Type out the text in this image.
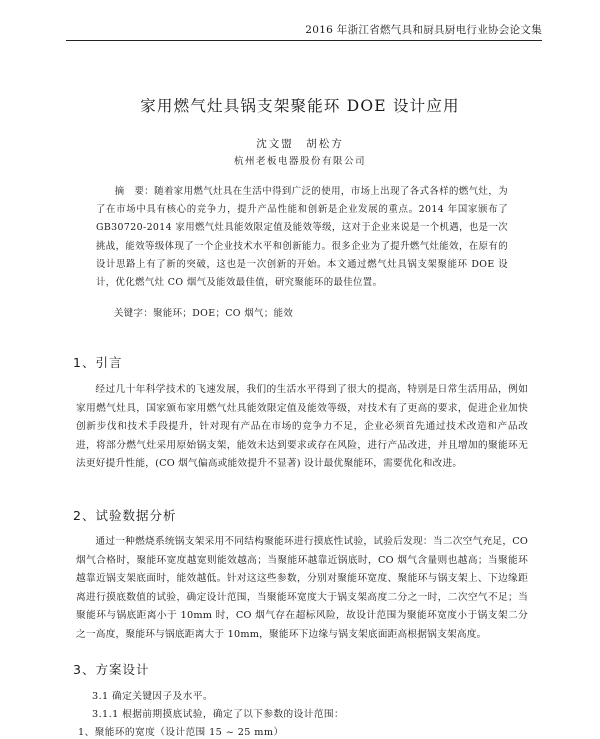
2016 年浙江省燃气具和厨具厨电行业协会论文集
家用燃气灶具锅支架聚能环 DOE 设计应用
沈文盟　胡松方
杭州老板电器股份有限公司
摘　要：随着家用燃气灶具在生活中得到广泛的使用，市场上出现了各式各样的燃气灶，为了在市场中具有核心的竞争力，提升产品性能和创新是企业发展的重点。2014 年国家颁布了 GB30720-2014 家用燃气灶具能效限定值及能效等级，这对于企业来说是一个机遇，也是一次挑战，能效等级体现了一个企业技术水平和创新能力。很多企业为了提升燃气灶能效，在原有的设计思路上有了新的突破，这也是一次创新的开始。本文通过燃气灶具锅支架聚能环 DOE 设计，优化燃气灶 CO 烟气及能效最佳值，研究聚能环的最佳位置。
关键字：聚能环；DOE；CO 烟气；能效
1、引言
经过几十年科学技术的飞速发展，我们的生活水平得到了很大的提高，特别是日常生活用品，例如家用燃气灶具，国家颁布家用燃气灶具能效限定值及能效等级，对技术有了更高的要求，促进企业加快创新步伐和技术手段提升，针对现有产品在市场的竞争力不足，企业必须首先通过技术改造和产品改进，将部分燃气灶采用原始锅支架，能效未达到要求或存在风险，进行产品改进，并且增加的聚能环无法更好提升性能，(CO 烟气偏高或能效提升不显著) 设计最优聚能环，需要优化和改进。
2、试验数据分析
通过一种燃烧系统锅支架采用不同结构聚能环进行摸底性试验，试验后发现：当二次空气充足，CO 烟气合格时，聚能环宽度越宽则能效越高；当聚能环越靠近锅底时，CO 烟气含量则也越高；当聚能环越靠近锅支架底面时，能效越低。针对这这些参数，分别对聚能环宽度、聚能环与锅支架上、下边缘距离进行摸底数值的试验，确定设计范围，当聚能环宽度大于锅支架高度二分之一时，二次空气不足；当聚能环与锅底距离小于 10mm 时，CO 烟气存在超标风险，故设计范围为聚能环宽度小于锅支架二分之一高度，聚能环与锅底距离大于 10mm，聚能环下边缘与锅支架底面距高根据锅支架高度。
3、方案设计
3.1 确定关键因子及水平。
3.1.1 根据前期摸底试验，确定了以下参数的设计范围：
1、聚能环的宽度（设计范围 15 ~ 25 mm）
